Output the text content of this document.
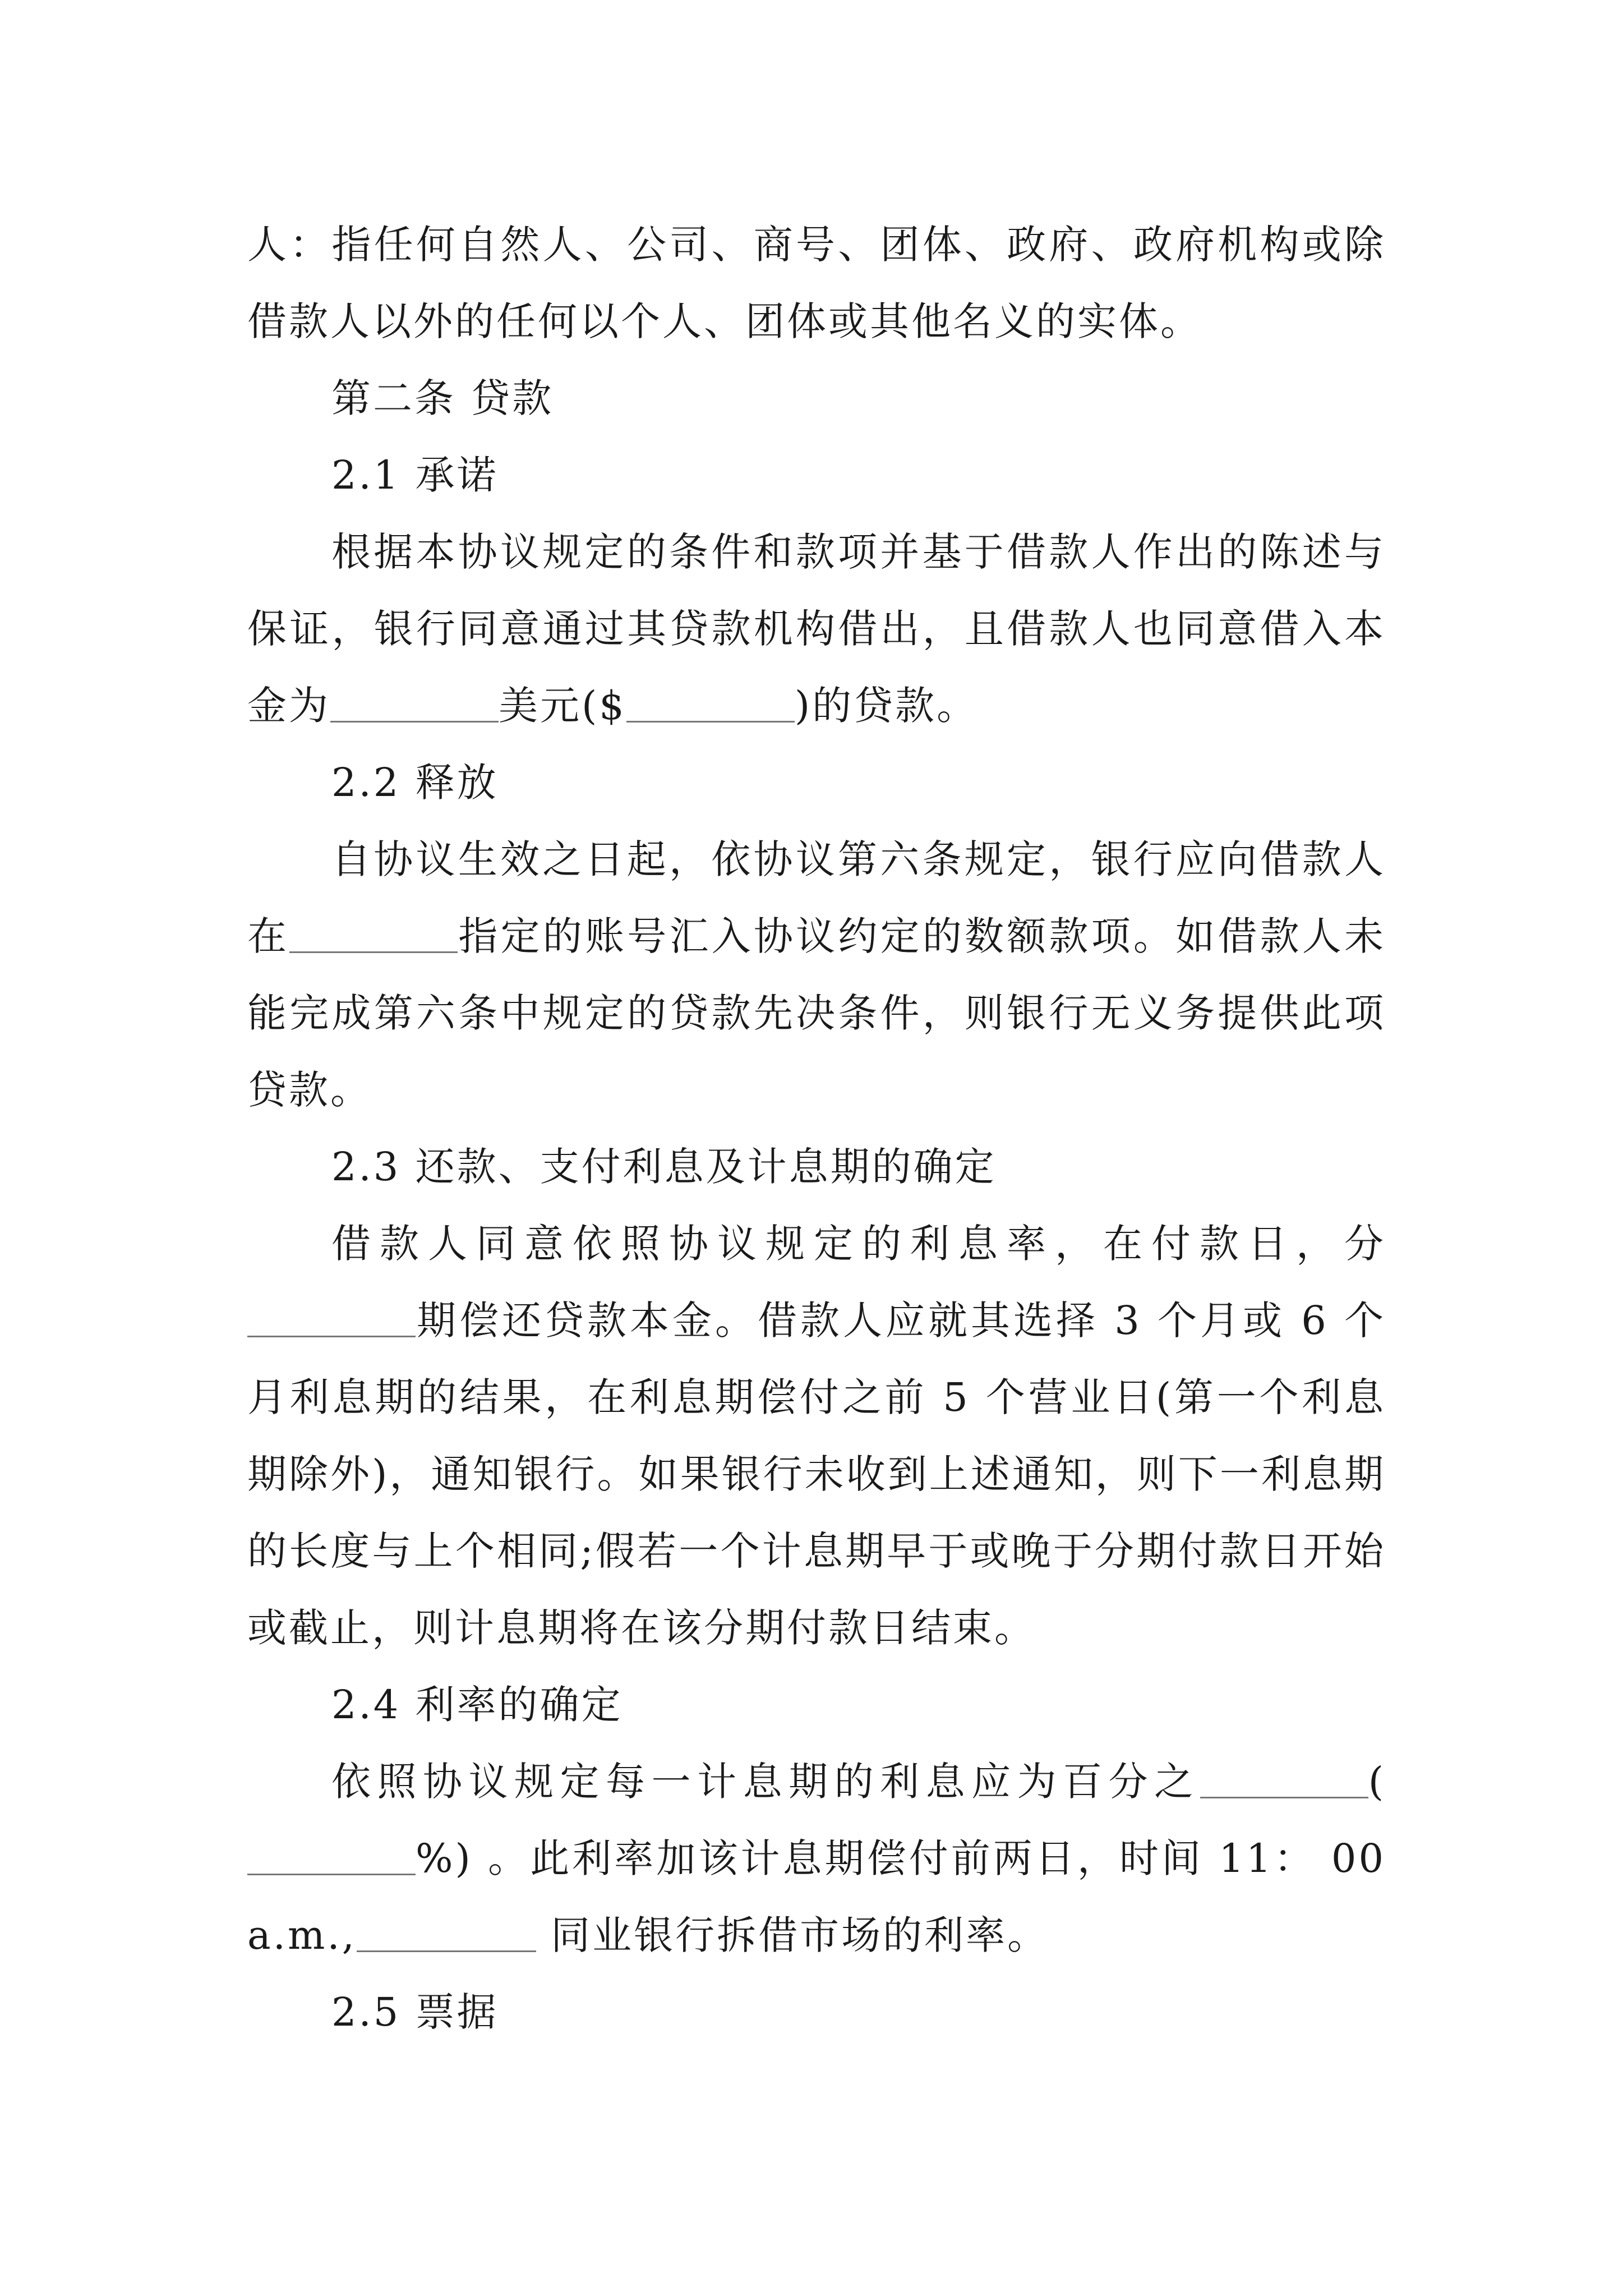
人：指任何自然人、公司、商号、团体、政府、政府机构或除借款人以外的任何以个人、团体或其他名义的实体。

第二条 贷款

2.1 承诺

根据本协议规定的条件和款项并基于借款人作出的陈述与保证，银行同意通过其贷款机构借出，且借款人也同意借入本金为	美元($	)的贷款。

2.2 释放

自协议生效之日起，依协议第六条规定，银行应向借款人在	指定的账号汇入协议约定的数额款项。如借款人未能完成第六条中规定的贷款先决条件，则银行无义务提供此项贷款。

2.3 还款、支付利息及计息期的确定

借款人同意依照协议规定的利息率，在付款日，分期偿还贷款本金。借款人应就其选择 3 个月或 6 个月利息期的结果，在利息期偿付之前 5 个营业日(第一个利息期除外)，通知银行。如果银行未收到上述通知，则下一利息期的长度与上个相同;假若一个计息期早于或晚于分期付款日开始或截止，则计息期将在该分期付款日结束。

2.4 利率的确定

依照协议规定每一计息期的利息应为百分之	(%) 。此利率加该计息期偿付前两日，时间 11： 00 a.m.,	同业银行拆借市场的利率。

2.5 票据
